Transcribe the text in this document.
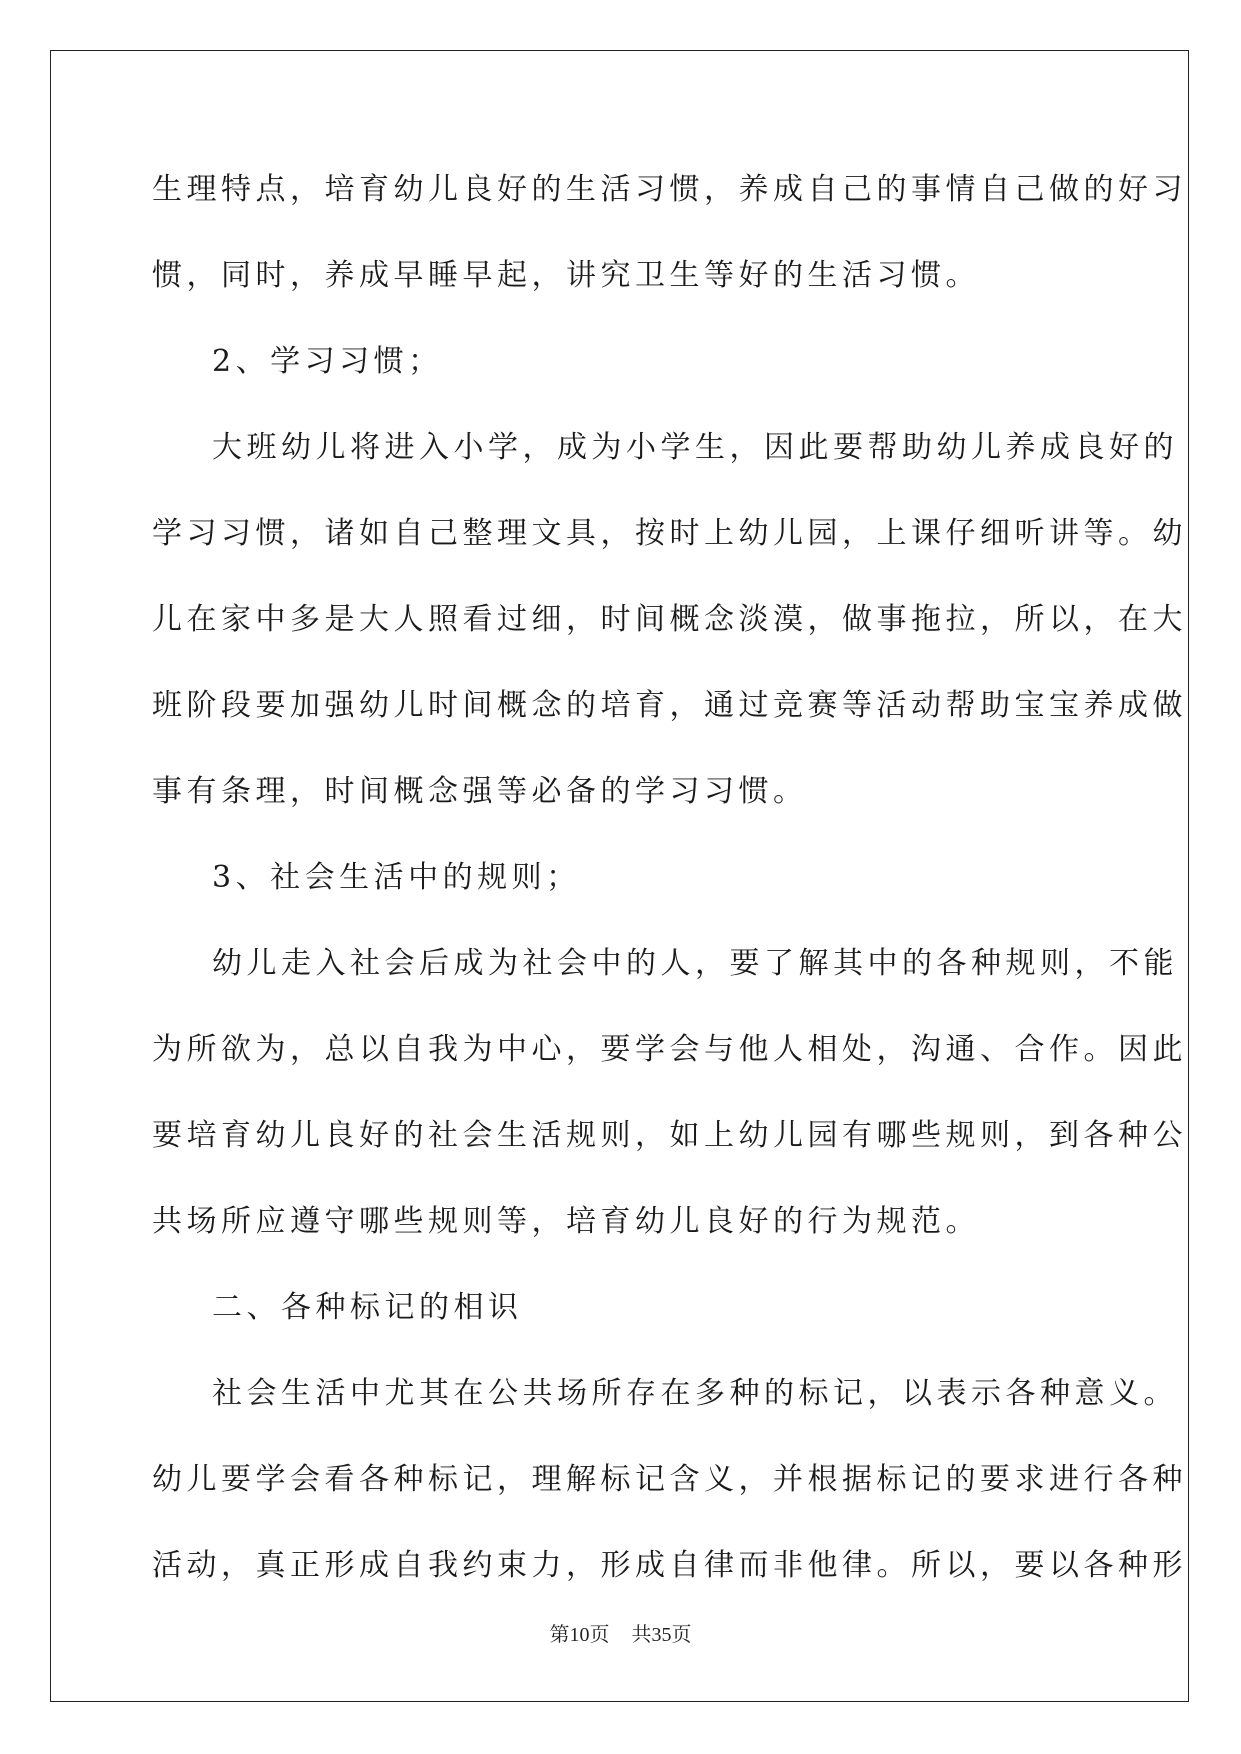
生理特点，培育幼儿良好的生活习惯，养成自己的事情自己做的好习
惯，同时，养成早睡早起，讲究卫生等好的生活习惯。
2、学习习惯；
大班幼儿将进入小学，成为小学生，因此要帮助幼儿养成良好的
学习习惯，诸如自己整理文具，按时上幼儿园，上课仔细听讲等。幼
儿在家中多是大人照看过细，时间概念淡漠，做事拖拉，所以，在大
班阶段要加强幼儿时间概念的培育，通过竞赛等活动帮助宝宝养成做
事有条理，时间概念强等必备的学习习惯。
3、社会生活中的规则；
幼儿走入社会后成为社会中的人，要了解其中的各种规则，不能
为所欲为，总以自我为中心，要学会与他人相处，沟通、合作。因此
要培育幼儿良好的社会生活规则，如上幼儿园有哪些规则，到各种公
共场所应遵守哪些规则等，培育幼儿良好的行为规范。
二、各种标记的相识
社会生活中尤其在公共场所存在多种的标记，以表示各种意义。
幼儿要学会看各种标记，理解标记含义，并根据标记的要求进行各种
活动，真正形成自我约束力，形成自律而非他律。所以，要以各种形
第10页 共35页
